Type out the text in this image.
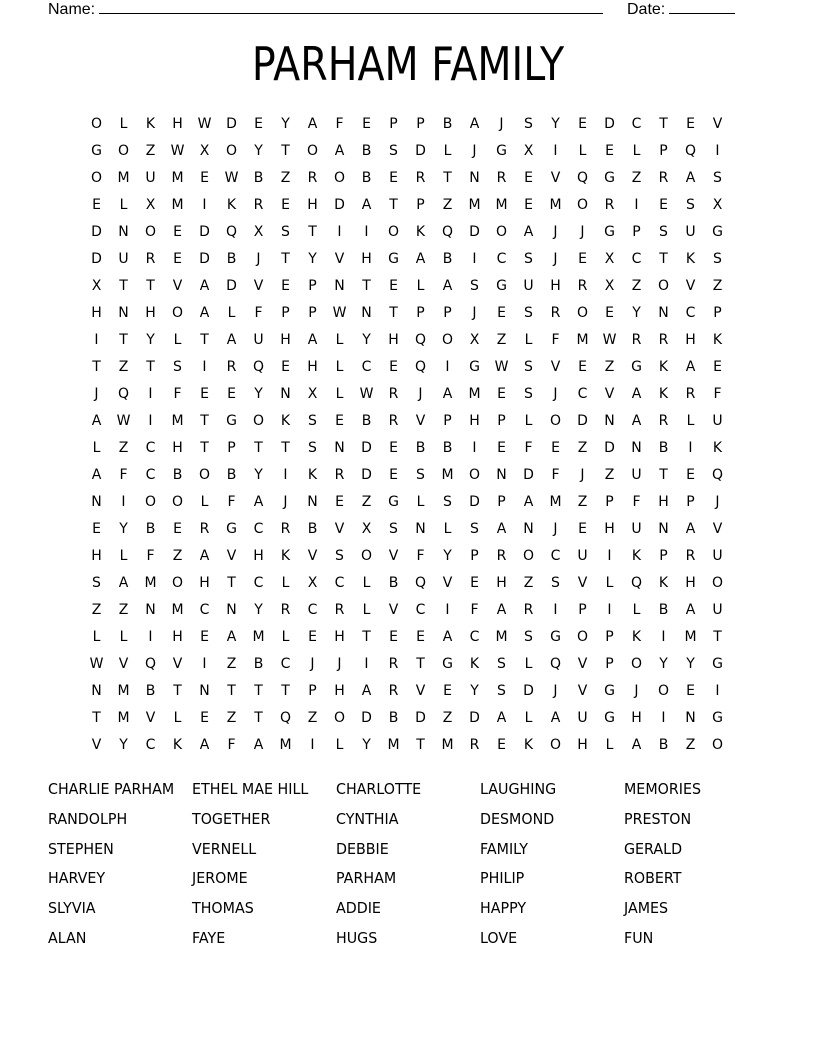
Name:	Date:
PARHAM FAMILY
O	L	K	H	W	D	E	Y	A	F	E	P	P	B	A	J	S	Y	E	D	C	T	E	V
G	O	Z	W	X	O	Y	T	O	A	B	S	D	L	J	G	X	I	L	E	L	P	Q	I
O	M	U	M	E	W	B	Z	R	O	B	E	R	T	N	R	E	V	Q	G	Z	R	A	S
E	L	X	M	I	K	R	E	H	D	A	T	P	Z	M	M	E	M	O	R	I	E	S	X
D	N	O	E	D	Q	X	S	T	I	I	O	K	Q	D	O	A	J	J	G	P	S	U	G
D	U	R	E	D	B	J	T	Y	V	H	G	A	B	I	C	S	J	E	X	C	T	K	S
X	T	T	V	A	D	V	E	P	N	T	E	L	A	S	G	U	H	R	X	Z	O	V	Z
H	N	H	O	A	L	F	P	P	W	N	T	P	P	J	E	S	R	O	E	Y	N	C	P
I	T	Y	L	T	A	U	H	A	L	Y	H	Q	O	X	Z	L	F	M	W	R	R	H	K
T	Z	T	S	I	R	Q	E	H	L	C	E	Q	I	G	W	S	V	E	Z	G	K	A	E
J	Q	I	F	E	E	Y	N	X	L	W	R	J	A	M	E	S	J	C	V	A	K	R	F
A	W	I	M	T	G	O	K	S	E	B	R	V	P	H	P	L	O	D	N	A	R	L	U
L	Z	C	H	T	P	T	T	S	N	D	E	B	B	I	E	F	E	Z	D	N	B	I	K
A	F	C	B	O	B	Y	I	K	R	D	E	S	M	O	N	D	F	J	Z	U	T	E	Q
N	I	O	O	L	F	A	J	N	E	Z	G	L	S	D	P	A	M	Z	P	F	H	P	J
E	Y	B	E	R	G	C	R	B	V	X	S	N	L	S	A	N	J	E	H	U	N	A	V
H	L	F	Z	A	V	H	K	V	S	O	V	F	Y	P	R	O	C	U	I	K	P	R	U
S	A	M	O	H	T	C	L	X	C	L	B	Q	V	E	H	Z	S	V	L	Q	K	H	O
Z	Z	N	M	C	N	Y	R	C	R	L	V	C	I	F	A	R	I	P	I	L	B	A	U
L	L	I	H	E	A	M	L	E	H	T	E	E	A	C	M	S	G	O	P	K	I	M	T
W	V	Q	V	I	Z	B	C	J	J	I	R	T	G	K	S	L	Q	V	P	O	Y	Y	G
N	M	B	T	N	T	T	T	P	H	A	R	V	E	Y	S	D	J	V	G	J	O	E	I
T	M	V	L	E	Z	T	Q	Z	O	D	B	D	Z	D	A	L	A	U	G	H	I	N	G
V	Y	C	K	A	F	A	M	I	L	Y	M	T	M	R	E	K	O	H	L	A	B	Z	O
CHARLIE PARHAM	ETHEL MAE HILL	CHARLOTTE	LAUGHING	MEMORIES
RANDOLPH	TOGETHER	CYNTHIA	DESMOND	PRESTON
STEPHEN	VERNELL	DEBBIE	FAMILY	GERALD
HARVEY	JEROME	PARHAM	PHILIP	ROBERT
SLYVIA	THOMAS	ADDIE	HAPPY	JAMES
ALAN	FAYE	HUGS	LOVE	FUN
